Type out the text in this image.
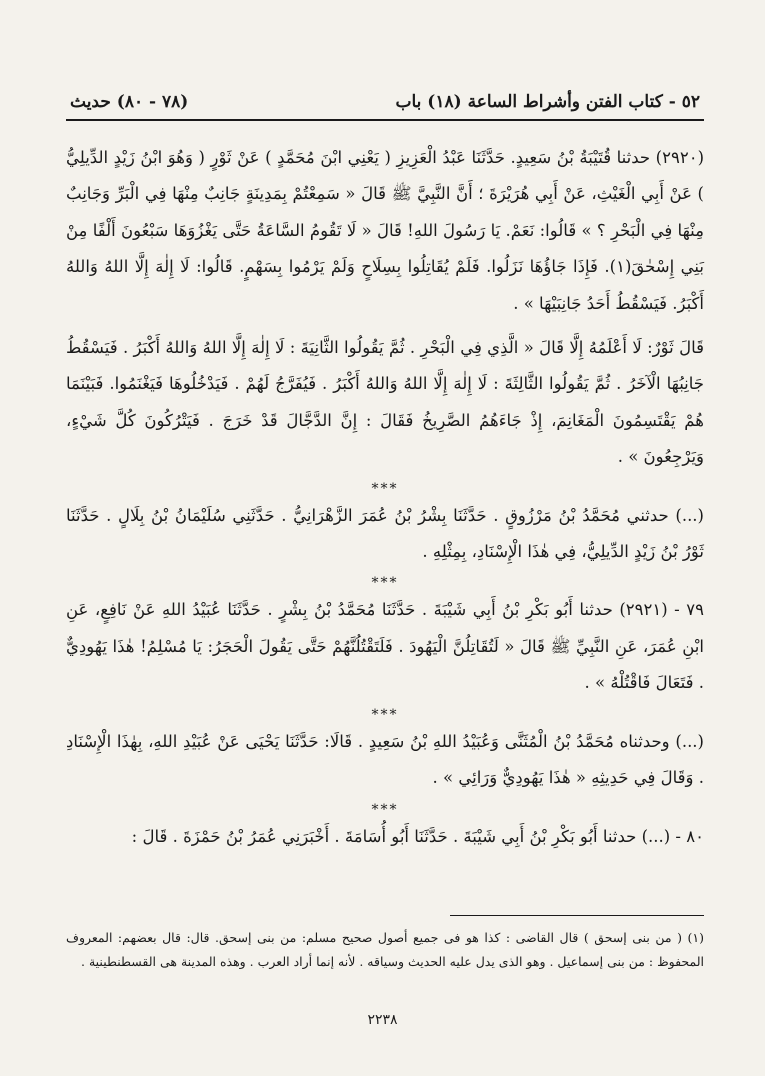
٥٢ - كتاب الفتن وأشراط الساعة (١٨) باب
(٧٨ - ٨٠) حديث

(٢٩٢٠) حدثنا قُتَيْبَةُ بْنُ سَعِيدٍ. حَدَّثَنَا عَبْدُ الْعَزِيزِ ( يَعْنِي ابْنَ مُحَمَّدٍ ) عَنْ ثَوْرٍ ( وَهُوَ ابْنُ زَيْدٍ الدِّيلِيُّ ) عَنْ أَبِي الْغَيْثِ، عَنْ أَبِي هُرَيْرَةَ ؛ أَنَّ النَّبِيَّ ﷺ قَالَ « سَمِعْتُمْ بِمَدِينَةٍ جَانِبٌ مِنْهَا فِي الْبَرِّ وَجَانِبٌ مِنْهَا فِي الْبَحْرِ ؟ » قَالُوا: نَعَمْ. يَا رَسُولَ اللهِ! قَالَ « لَا تَقُومُ السَّاعَةُ حَتَّى يَغْزُوَهَا سَبْعُونَ أَلْفًا مِنْ بَنِي إِسْحٰقَ(١). فَإِذَا جَاؤُهَا نَزَلُوا. فَلَمْ يُقَاتِلُوا بِسِلَاحٍ وَلَمْ يَرْمُوا بِسَهْمٍ. قَالُوا: لَا إِلٰهَ إِلَّا اللهُ وَاللهُ أَكْبَرُ. فَيَسْقُطُ أَحَدُ جَانِبَيْهَا » .

قَالَ ثَوْرٌ: لَا أَعْلَمُهُ إِلَّا قَالَ « الَّذِي فِي الْبَحْرِ . ثُمَّ يَقُولُوا الثَّانِيَةَ : لَا إِلٰهَ إِلَّا اللهُ وَاللهُ أَكْبَرُ . فَيَسْقُطُ جَانِبُهَا الْآخَرُ . ثُمَّ يَقُولُوا الثَّالِثَةَ : لَا إِلٰهَ إِلَّا اللهُ وَاللهُ أَكْبَرُ . فَيُفَرَّجُ لَهُمْ . فَيَدْخُلُوهَا فَيَغْنَمُوا. فَبَيْنَمَا هُمْ يَقْتَسِمُونَ الْمَغَانِمَ، إِذْ جَاءَهُمُ الصَّرِيخُ فَقَالَ : إِنَّ الدَّجَّالَ قَدْ خَرَجَ . فَيَتْرُكُونَ كُلَّ شَيْءٍ، وَيَرْجِعُونَ » .

***

(...) حدثني مُحَمَّدُ بْنُ مَرْزُوقٍ . حَدَّثَنَا بِشْرُ بْنُ عُمَرَ الزَّهْرَانِيُّ . حَدَّثَنِي سُلَيْمَانُ بْنُ بِلَالٍ . حَدَّثَنَا ثَوْرُ بْنُ زَيْدٍ الدِّيلِيُّ، فِي هٰذَا الْإِسْنَادِ، بِمِثْلِهِ .

***

٧٩ - (٢٩٢١) حدثنا أَبُو بَكْرِ بْنُ أَبِي شَيْبَةَ . حَدَّثَنَا مُحَمَّدُ بْنُ بِشْرٍ . حَدَّثَنَا عُبَيْدُ اللهِ عَنْ نَافِعٍ، عَنِ ابْنِ عُمَرَ، عَنِ النَّبِيِّ ﷺ قَالَ « لَتُقَاتِلُنَّ الْيَهُودَ . فَلَتَقْتُلُنَّهُمْ حَتَّى يَقُولَ الْحَجَرُ: يَا مُسْلِمُ! هٰذَا يَهُودِيٌّ . فَتَعَالَ فَاقْتُلْهُ » .

***

(...) وحدثناه مُحَمَّدُ بْنُ الْمُثَنَّى وَعُبَيْدُ اللهِ بْنُ سَعِيدٍ . قَالَا: حَدَّثَنَا يَحْيَى عَنْ عُبَيْدِ اللهِ، بِهٰذَا الْإِسْنَادِ . وَقَالَ فِي حَدِيثِهِ « هٰذَا يَهُودِيٌّ وَرَائِي » .

***

٨٠ - (...) حدثنا أَبُو بَكْرِ بْنُ أَبِي شَيْبَةَ . حَدَّثَنَا أَبُو أُسَامَةَ . أَخْبَرَنِي عُمَرُ بْنُ حَمْزَةَ . قَالَ :

(١) ( من بنى إسحق ) قال القاضى : كذا هو فى جميع أصول صحيح مسلم: من بنى إسحق. قال: قال بعضهم: المعروف المحفوظ : من بنى إسماعيل . وهو الذى يدل عليه الحديث وسياقه . لأنه إنما أراد العرب . وهذه المدينة هى القسطنطينية .
٢٢٣٨
